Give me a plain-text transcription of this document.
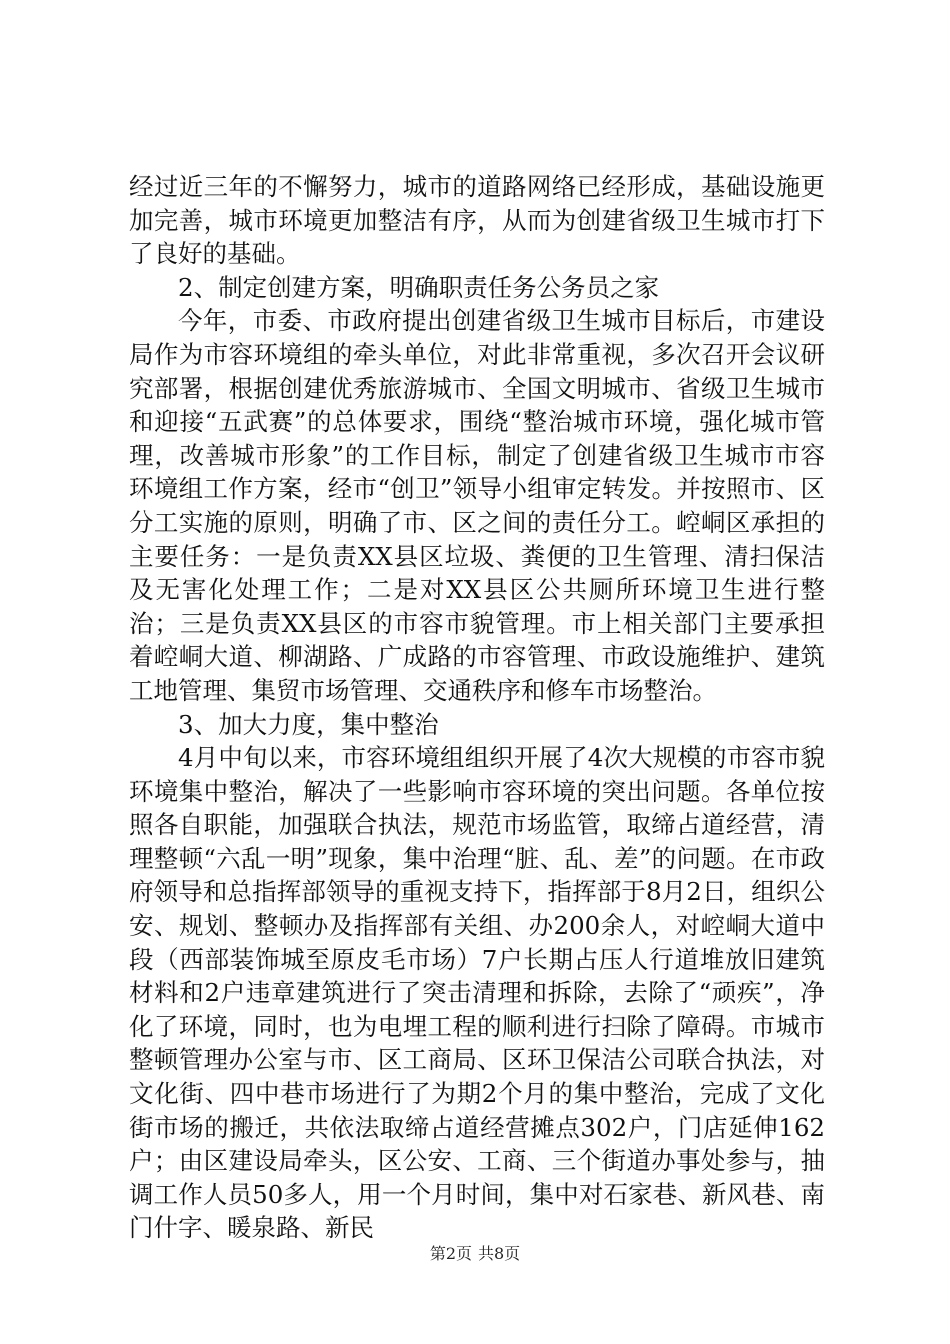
经过近三年的不懈努力，城市的道路网络已经形成，基础设施更加完善，城市环境更加整洁有序，从而为创建省级卫生城市打下了良好的基础。

2、制定创建方案，明确职责任务公务员之家

今年，市委、市政府提出创建省级卫生城市目标后，市建设局作为市容环境组的牵头单位，对此非常重视，多次召开会议研究部署，根据创建优秀旅游城市、全国文明城市、省级卫生城市和迎接“五武赛”的总体要求，围绕“整治城市环境，强化城市管理，改善城市形象”的工作目标，制定了创建省级卫生城市市容环境组工作方案，经市“创卫”领导小组审定转发。并按照市、区分工实施的原则，明确了市、区之间的责任分工。崆峒区承担的主要任务：一是负责XX县区垃圾、粪便的卫生管理、清扫保洁及无害化处理工作；二是对XX县区公共厕所环境卫生进行整治；三是负责XX县区的市容市貌管理。市上相关部门主要承担着崆峒大道、柳湖路、广成路的市容管理、市政设施维护、建筑工地管理、集贸市场管理、交通秩序和修车市场整治。

3、加大力度，集中整治

4月中旬以来，市容环境组组织开展了4次大规模的市容市貌环境集中整治，解决了一些影响市容环境的突出问题。各单位按照各自职能，加强联合执法，规范市场监管，取缔占道经营，清理整顿“六乱一明”现象，集中治理“脏、乱、差”的问题。在市政府领导和总指挥部领导的重视支持下，指挥部于8月2日，组织公安、规划、整顿办及指挥部有关组、办200余人，对崆峒大道中段（西部装饰城至原皮毛市场）7户长期占压人行道堆放旧建筑材料和2户违章建筑进行了突击清理和拆除，去除了“顽疾”，净化了环境，同时，也为电埋工程的顺利进行扫除了障碍。市城市整顿管理办公室与市、区工商局、区环卫保洁公司联合执法，对文化街、四中巷市场进行了为期2个月的集中整治，完成了文化街市场的搬迁，共依法取缔占道经营摊点302户，门店延伸162户；由区建设局牵头，区公安、工商、三个街道办事处参与，抽调工作人员50多人，用一个月时间，集中对石家巷、新风巷、南门什字、暖泉路、新民

第2页 共8页
